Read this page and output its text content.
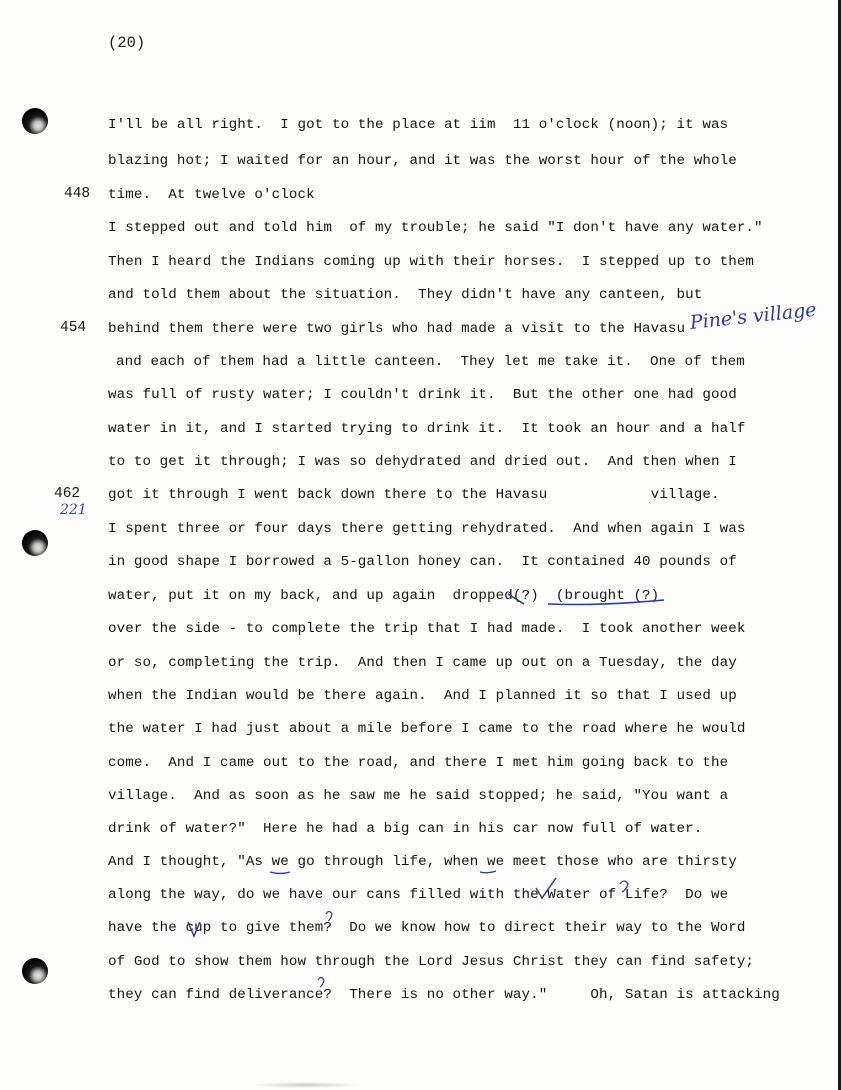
(20)
448
454
462
221
Pine's village
I'll be all right.  I got to the place at iim  11 o'clock (noon); it was
blazing hot; I waited for an hour, and it was the worst hour of the whole
time.  At twelve o'clock
I stepped out and told him  of my trouble; he said "I don't have any water."
Then I heard the Indians coming up with their horses.  I stepped up to them
and told them about the situation.  They didn't have any canteen, but
behind them there were two girls who had made a visit to the Havasu
and each of them had a little canteen.  They let me take it.  One of them
was full of rusty water; I couldn't drink it.  But the other one had good
water in it, and I started trying to drink it.  It took an hour and a half
to to get it through; I was so dehydrated and dried out.  And then when I
got it through I went back down there to the Havasu            village.
I spent three or four days there getting rehydrated.  And when again I was
in good shape I borrowed a 5-gallon honey can.  It contained 40 pounds of
water, put it on my back, and up again  dropped(?)  (brought (?)
over the side - to complete the trip that I had made.  I took another week
or so, completing the trip.  And then I came up out on a Tuesday, the day
when the Indian would be there again.  And I planned it so that I used up
the water I had just about a mile before I came to the road where he would
come.  And I came out to the road, and there I met him going back to the
village.  And as soon as he saw me he said stopped; he said, "You want a
drink of water?"  Here he had a big can in his car now full of water.
And I thought, "As we go through life, when we meet those who are thirsty
along the way, do we have our cans filled with the Water of Life?  Do we
have the cup to give them?  Do we know how to direct their way to the Word
of God to show them how through the Lord Jesus Christ they can find safety;
they can find deliverance?  There is no other way."     Oh, Satan is attacking
